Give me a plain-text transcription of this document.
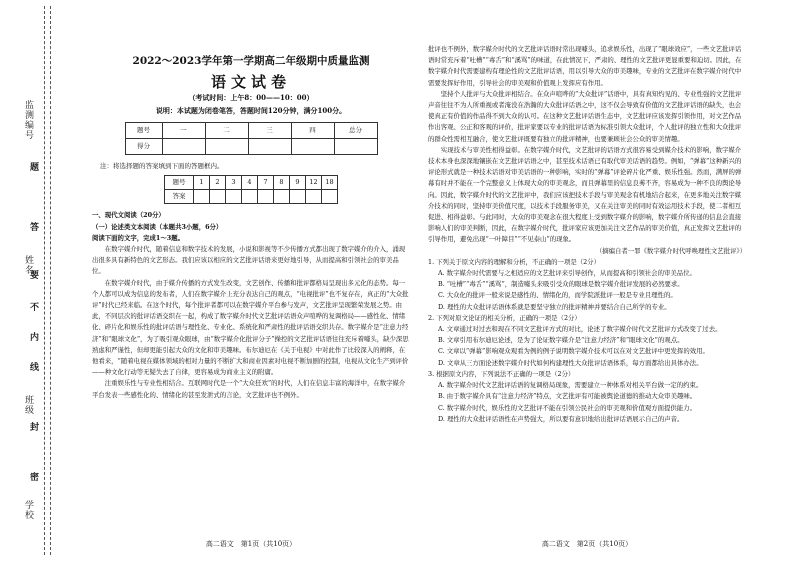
监测编号
姓名
班级
学校
题
答
要
不
内
线
封
密
2022～2023学年第一学期高二年级期中质量监测
语文试卷
（考试时间：上午8：00——10：00）
说明：本试题为闭卷笔答，答题时间120分钟，满分100分。
题号	一	二	三	四	总分
得分					
注：将选择题的答案填到下面的答题框内。
题号	1	2	3	4	7	8	9	12	18
答案									
一、现代文阅读（20分）
（一）论述类文本阅读（本题共3小题，6分）
阅读下面的文字，完成1～3题。

在数字媒介时代，随着信息和数字技术的发展，小说和影视等不少传播方式都出现了数字媒介的介入，涌现出很多具有新特色的文艺形态。我们应该以相应的文艺批评话语来更好地引导，从而提高和引领社会的审美品位。

在数字媒介时代，由于媒介传播的方式发生改变，文艺创作、传播和批评都格局呈现出多元化的态势。每一个人都可以成为信息的发布者，人们在数字媒介上充分表达自己的观点，“电视批评”也不复存在，真正的“大众批评”时代已经来临。在这个时代，每个批评者都可以在数字媒介平台参与发声，文艺批评呈现繁荣发展之势。由此，不同层次的批评话语交织在一起，构成了数字媒介时代文艺批评话语众声喧哗的复调格局——感性化、情绪化、碎片化和娱乐性的批评话语与理性化、专业化、系统化和严肃性的批评话语交织共存。数字媒介是“注意力经济”和“眼球文化”，为了吸引观众眼球，由“数字媒介化批评分子”操控的文艺批评话语往往充斥着噱头，缺少深思熟虑和严谨性，但却更能引起大众的文化和审美趣味。布尔迪厄在《关于电视》中对此作了比较深入的阐释，在他看来，“随着电视在媒体领域的相对力量的不断扩大和商业因素对电视不断加剧的控制，电视从文化生产到评价——种文化行动等无疑失去了自律，更容易成为商业主义的附庸。

注重娱乐性与专业性相结合。互联网时代是一个“大众狂欢”的时代，人们在信息丰富的海洋中，在数字媒介平台发表一些感性化的、情绪化的甚至发泄式的言论，文艺批评也不例外。

高二语文　第1页（共10页）

批评也不例外，数字媒介时代的文艺批评话语时常出现噱头，追求娱乐性，出现了“眼球效应”，一些文艺批评话语时常充斥着“吐槽”“毒舌”和“溪骂”的味道，在此情况下，严肃的、理性的文艺批评更显重要和迫切。因此，在数字媒介时代需要建构有理论性的文艺批评话语，用以引导大众的审美趣味，专业的文艺批评在数字媒介时代中需要发挥好作用，引导社会的审美观和价值观上发挥应有作用。

坚持个人批评与大众批评相结合。在众声喧哗的“大众批评”话语中，具有真知灼见的、专业性强的文艺批评声音往往不为人所重视或者淹没在浩瀚的大众批评话语之中，这不仅会导致有价值的文艺批评话语的缺失，也会使真正有价值的作品得不到大众的认可。在这种文艺批评话语生态中，文艺批评应该发挥引领作用，对文艺作品作出客观、公正和客观的评价，批评家要以专业的批评话语为标准引领大众批评，个人批评的独立性和大众批评的群众性需相互融合，使文艺批评既要有独立的批评精神，也要兼顾社会公众的审美情趣。

实现技术与审美性相得益彰。在数字媒介时代，文艺批评的话语方式很容易受到媒介技术的影响，数字媒介技术本身也深深地镶嵌在文艺批评话语之中，甚至技术话语已有取代审美话语的趋势。例如，“弹幕”这种新兴的评论形式就是一种技术话语对审美话语的一种影响，实时的“弹幕”评论碎片化严重、娱乐性强。然而，满屏的弹幕有时并不能在一个完整意义上体现大众的审美观念，而且弹幕里的信息良莠不齐，容易成为一种不良的舆论导向。因此，数字媒介时代的文艺批评中，我们应该把技术手段与审美观念有机地结合起来，在更多地关注数字媒介技术的同时，坚持审美价值尺度，以技术手段服务审美，又在关注审美的同时有效运用技术手段，使二者相互促进、相得益彰。与此同时，大众的审美观念在很大程度上受到数字媒介的影响，数字媒介所传递的信息会直接影响人们的审美判断，因此，在数字媒介时代，批评家应该更加关注文艺作品的审美价值，真正发挥文艺批评的引导作用，避免出现“一叶障目”“不见泰山”的现象。

（摘编自者一罪《数字媒介时代呼唤理性文艺批评》）
1. 下列关于原文内容的理解和分析，不正确的一项是（2分）
A. 数字媒介时代需要与之相适应的文艺批评来引导创作，从而提高和引领社会的审美品位。
B. “吐槽”“毒舌”“溪骂”，制造噱头来吸引受众的眼球是数字媒介批评发展的必然要求。
C. 大众化的批评一般来说是感性的、情绪化的，而学院派批评一般是专业且理性的。
D. 理性的大众批评话语体系就是要坚守独立的批评精神并要结合自己所学的专业。
2. 下列对原文论证的相关分析，正确的一项是（2分）
A. 文章通过对过去和现在不同文艺批评方式的对比，论述了数字媒介时代文艺批评方式改变了过去。
B. 文章引用布尔迪厄论述，是为了论证数字媒介是“注意力经济”和“眼球文化”的观点。
C. 文章以“弹幕”影响观众观看为例的例子说明数字媒介技术可以在对文艺批评中更发挥的效用。
D. 文章从三方面论述数字媒介时代如何构建理性大众批评话语体系，每方面都给出具体办法。
3. 根据原文内容，下列说法不正确的一项是（2分）
A. 数字媒介时代文艺批评话语的复调格局现象，需要建立一种体系对相关平台做一定的约束。
B. 由于数字媒介具有“注意力经济”特点，文艺批评有可能被舆论道德的推动大众审美趣味。
C. 数字媒介时代，娱乐性的文艺批评不能在引领公民社会的审美观和价值观方面提供能力。
D. 理性的大众批评话语性在声势强大，所以要有意识地给出批评话语展示自己的声音。
高二语文　第2页（共10页）
